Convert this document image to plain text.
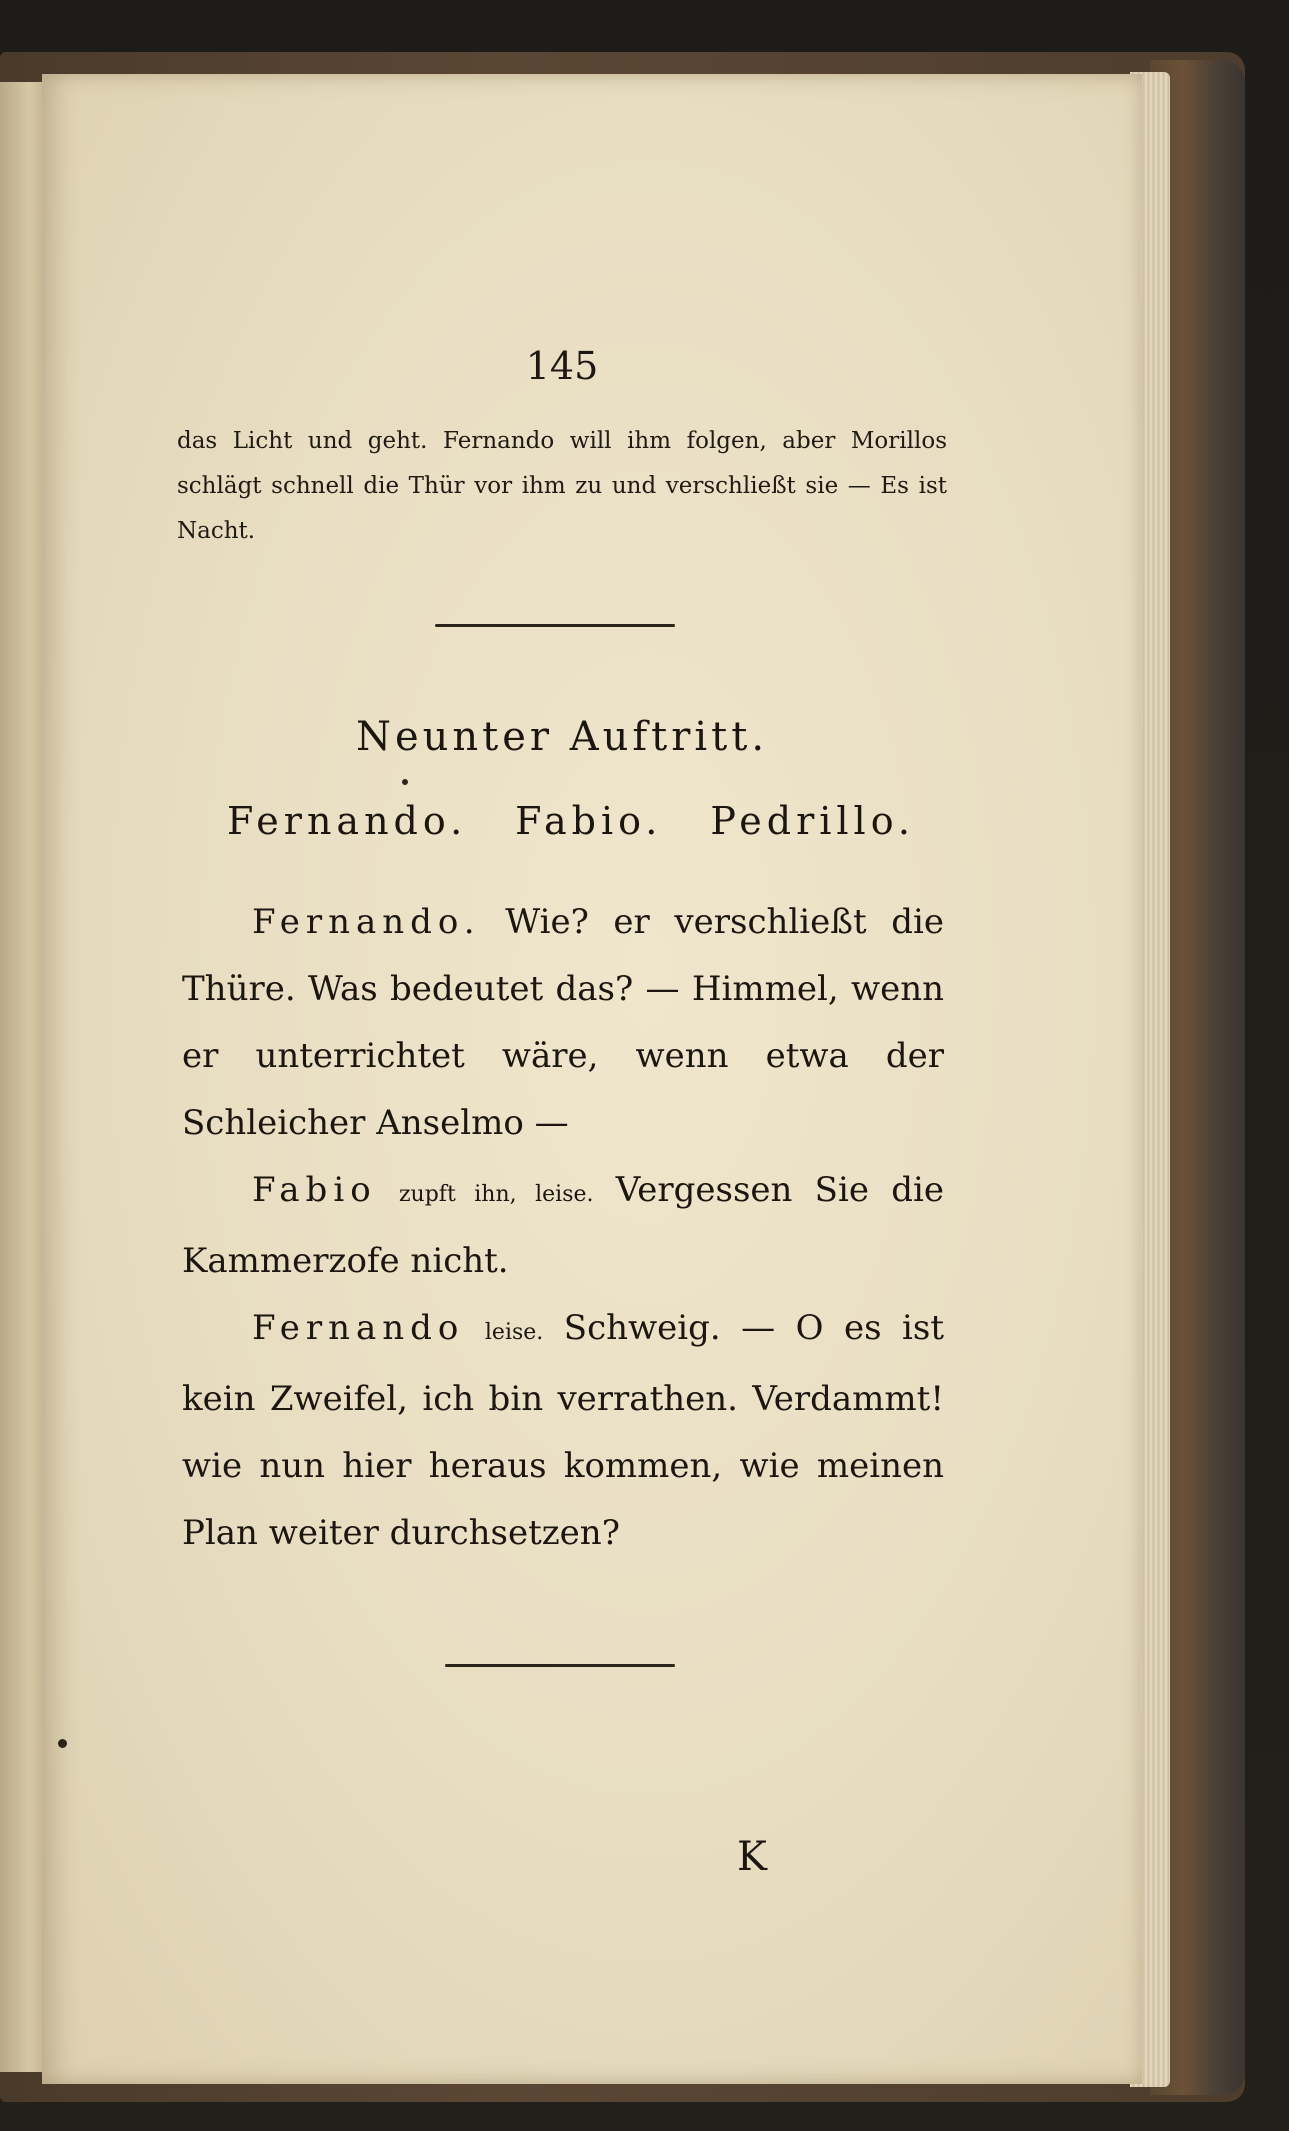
145
das Licht und geht. Fernando will ihm folgen, aber Morillos schlägt schnell die Thür vor ihm zu und verschließt sie — Es ist Nacht.
Neunter Auftritt.
Fernando. Fabio. Pedrillo.

Fernando. Wie? er verschließt die Thüre. Was bedeutet das? — Himmel, wenn er unterrichtet wäre, wenn etwa der Schleicher Anselmo —

Fabio zupft ihn, leise. Vergessen Sie die Kammerzofe nicht.

Fernando leise. Schweig. — O es ist kein Zweifel, ich bin verrathen. Verdammt! wie nun hier heraus kommen, wie meinen Plan weiter durchsetzen?

K
